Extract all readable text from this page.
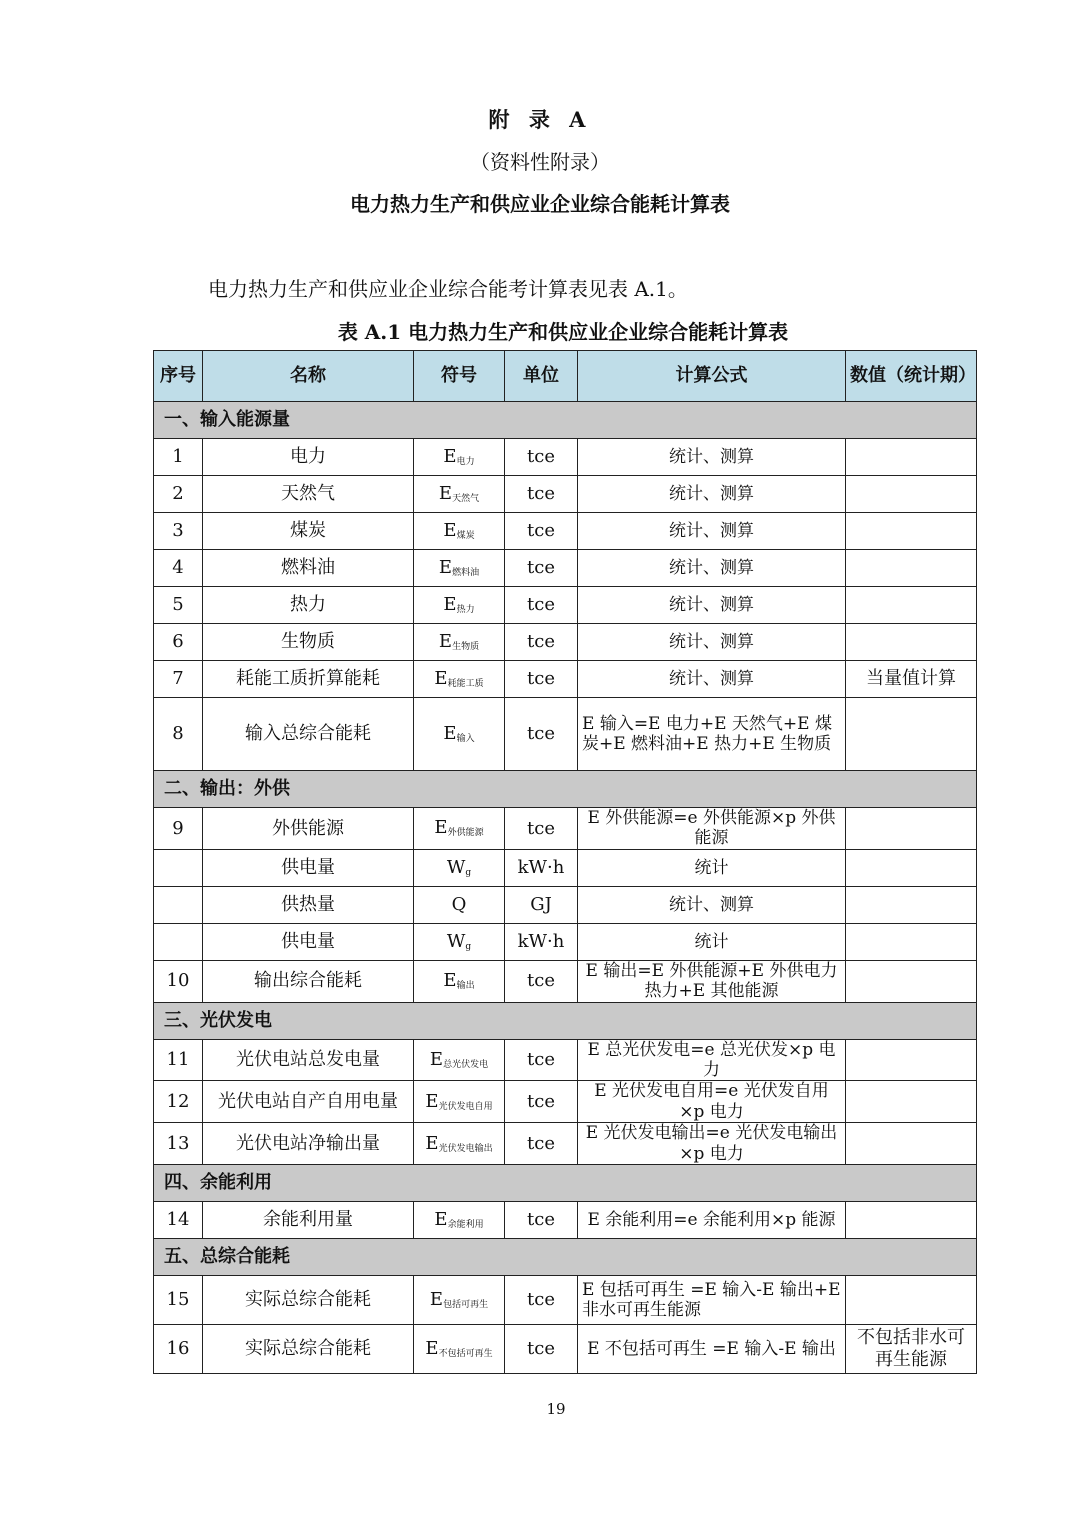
附 录 A
（资料性附录）
电力热力生产和供应业企业综合能耗计算表
电力热力生产和供应业企业综合能考计算表见表 A.1。
表 A.1 电力热力生产和供应业企业综合能耗计算表
序号	名称	符号	单位	计算公式	数值（统计期）
一、输入能源量					
1	电力	$E_{电力}$	tce	统计、测算	
2	天然气	$E_{天然气}$	tce	统计、测算	
3	煤炭	$E_{煤炭}$	tce	统计、测算	
4	燃料油	$E_{燃料油}$	tce	统计、测算	
5	热力	$E_{热力}$	tce	统计、测算	
6	生物质	$E_{生物质}$	tce	统计、测算	
7	耗能工质折算能耗	$E_{耗能工质}$	tce	统计、测算	当量值计算
8	输入总综合能耗	$E_{输入}$	tce	E 输入=E 电力+E 天然气+E 煤炭+E 燃料油+E 热力+E 生物质	
二、输出：外供					
9	外供能源	$E_{外供能源}$	tce	E 外供能源=e 外供能源×p 外供能源	
	供电量	$W_g$	kW·h	统计	
	供热量	Q	GJ	统计、测算	
	供电量	$W_g$	kW·h	统计	
10	输出综合能耗	$E_{输出}$	tce	E 输出=E 外供能源+E 外供电力热力+E 其他能源	
三、光伏发电					
11	光伏电站总发电量	$E_{总光伏发电}$	tce	E 总光伏发电=e 总光伏发×p 电力	
12	光伏电站自产自用电量	$E_{光伏发电自用}$	tce	E 光伏发电自用=e 光伏发自用×p 电力	
13	光伏电站净输出量	$E_{光伏发电输出}$	tce	E 光伏发电输出=e 光伏发电输出×p 电力	
四、余能利用					
14	余能利用量	$E_{余能利用}$	tce	E 余能利用=e 余能利用×p 能源	
五、总综合能耗					
15	实际总综合能耗	$E_{包括可再生}$	tce	E 包括可再生 =E 输入-E 输出+E 非水可再生能源	
16	实际总综合能耗	$E_{不包括可再生}$	tce	E 不包括可再生 =E 输入-E 输出	不包括非水可再生能源
19
